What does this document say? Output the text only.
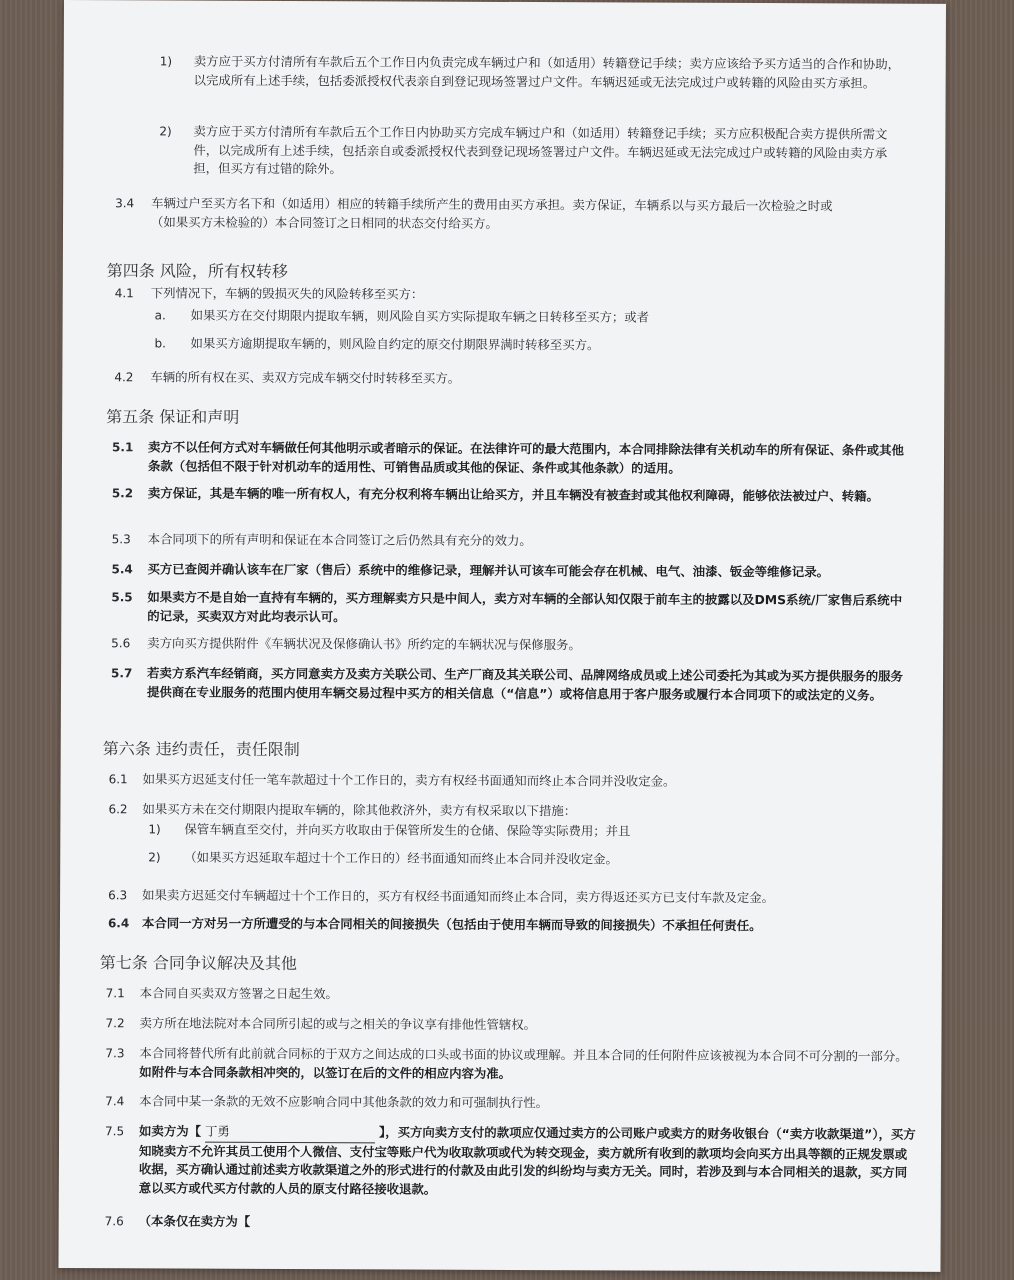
1) 卖方应于买方付清所有车款后五个工作日内负责完成车辆过户和（如适用）转籍登记手续；卖方应该给予买方适当的合作和协助，以完成所有上述手续，包括委派授权代表亲自到登记现场签署过户文件。车辆迟延或无法完成过户或转籍的风险由买方承担。

2) 卖方应于买方付清所有车款后五个工作日内协助买方完成车辆过户和（如适用）转籍登记手续；买方应积极配合卖方提供所需文件，以完成所有上述手续，包括亲自或委派授权代表到登记现场签署过户文件。车辆迟延或无法完成过户或转籍的风险由卖方承担，但买方有过错的除外。

3.4 车辆过户至买方名下和（如适用）相应的转籍手续所产生的费用由买方承担。卖方保证，车辆系以与买方最后一次检验之时或（如果买方未检验的）本合同签订之日相同的状态交付给买方。

第四条 风险，所有权转移
4.1 下列情况下，车辆的毁损灭失的风险转移至买方：

a. 如果买方在交付期限内提取车辆，则风险自买方实际提取车辆之日转移至买方；或者

b. 如果买方逾期提取车辆的，则风险自约定的原交付期限界满时转移至买方。

4.2 车辆的所有权在买、卖双方完成车辆交付时转移至买方。

第五条 保证和声明
5.1 卖方不以任何方式对车辆做任何其他明示或者暗示的保证。在法律许可的最大范围内，本合同排除法律有关机动车的所有保证、条件或其他条款（包括但不限于针对机动车的适用性、可销售品质或其他的保证、条件或其他条款）的适用。

5.2 卖方保证，其是车辆的唯一所有权人，有充分权利将车辆出让给买方，并且车辆没有被查封或其他权利障碍，能够依法被过户、转籍。

5.3 本合同项下的所有声明和保证在本合同签订之后仍然具有充分的效力。

5.4 买方已查阅并确认该车在厂家（售后）系统中的维修记录，理解并认可该车可能会存在机械、电气、油漆、钣金等维修记录。

5.5 如果卖方不是自始一直持有车辆的，买方理解卖方只是中间人，卖方对车辆的全部认知仅限于前车主的披露以及DMS系统/厂家售后系统中的记录，买卖双方对此均表示认可。

5.6 卖方向买方提供附件《车辆状况及保修确认书》所约定的车辆状况与保修服务。

5.7 若卖方系汽车经销商，买方同意卖方及卖方关联公司、生产厂商及其关联公司、品牌网络成员或上述公司委托为其或为买方提供服务的服务提供商在专业服务的范围内使用车辆交易过程中买方的相关信息（“信息”）或将信息用于客户服务或履行本合同项下的或法定的义务。

第六条 违约责任，责任限制
6.1 如果买方迟延支付任一笔车款超过十个工作日的，卖方有权经书面通知而终止本合同并没收定金。

6.2 如果买方未在交付期限内提取车辆的，除其他救济外，卖方有权采取以下措施：

1) 保管车辆直至交付，并向买方收取由于保管所发生的仓储、保险等实际费用；并且

2) （如果买方迟延取车超过十个工作日的）经书面通知而终止本合同并没收定金。

6.3 如果卖方迟延交付车辆超过十个工作日的，买方有权经书面通知而终止本合同，卖方得返还买方已支付车款及定金。

6.4 本合同一方对另一方所遭受的与本合同相关的间接损失（包括由于使用车辆而导致的间接损失）不承担任何责任。

第七条 合同争议解决及其他
7.1 本合同自买卖双方签署之日起生效。

7.2 卖方所在地法院对本合同所引起的或与之相关的争议享有排他性管辖权。

7.3 本合同将替代所有此前就合同标的于双方之间达成的口头或书面的协议或理解。并且本合同的任何附件应该被视为本合同不可分割的一部分。如附件与本合同条款相冲突的，以签订在后的文件的相应内容为准。

7.4 本合同中某一条款的无效不应影响合同中其他条款的效力和可强制执行性。

7.5 如卖方为【 丁勇	】，买方向卖方支付的款项应仅通过卖方的公司账户或卖方的财务收银台（“卖方收款渠道”），买方知晓卖方不允许其员工使用个人微信、支付宝等账户代为收取款项或代为转交现金，卖方就所有收到的款项均会向买方出具等额的正规发票或收据，买方确认通过前述卖方收款渠道之外的形式进行的付款及由此引发的纠纷均与卖方无关。同时，若涉及到与本合同相关的退款，买方同意以买方或代买方付款的人员的原支付路径接收退款。

7.6 （本条仅在卖方为【
